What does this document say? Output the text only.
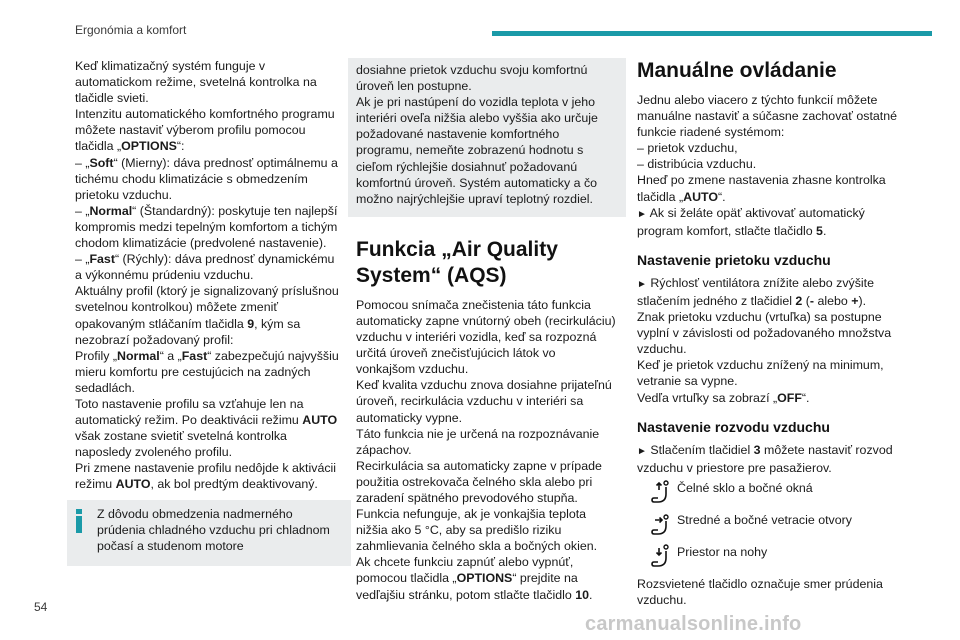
Ergonómia a komfort

Keď klimatizačný systém funguje v automatickom režime, svetelná kontrolka na tlačidle svieti.

Intenzitu automatického komfortného programu môžete nastaviť výberom profilu pomocou tlačidla „OPTIONS“:

– „Soft“ (Mierny): dáva prednosť optimálnemu a tichému chodu klimatizácie s obmedzením prietoku vzduchu.

– „Normal“ (Štandardný): poskytuje ten najlepší kompromis medzi tepelným komfortom a tichým chodom klimatizácie (predvolené nastavenie).

– „Fast“ (Rýchly): dáva prednosť dynamickému a výkonnému prúdeniu vzduchu.

Aktuálny profil (ktorý je signalizovaný príslušnou svetelnou kontrolkou) môžete zmeniť opakovaným stláčaním tlačidla 9, kým sa nezobrazí požadovaný profil:

Profily „Normal“ a „Fast“ zabezpečujú najvyššiu mieru komfortu pre cestujúcich na zadných sedadlách.

Toto nastavenie profilu sa vzťahuje len na automatický režim. Po deaktivácii režimu AUTO však zostane svietiť svetelná kontrolka naposledy zvoleného profilu.

Pri zmene nastavenie profilu nedôjde k aktivácii režimu AUTO, ak bol predtým deaktivovaný.

Z dôvodu obmedzenia nadmerného prúdenia chladného vzduchu pri chladnom počasí a studenom motore

dosiahne prietok vzduchu svoju komfortnú úroveň len postupne.
Ak je pri nastúpení do vozidla teplota v jeho interiéri oveľa nižšia alebo vyššia ako určuje požadované nastavenie komfortného programu, nemeňte zobrazenú hodnotu s cieľom rýchlejšie dosiahnuť požadovanú komfortnú úroveň. Systém automaticky a čo možno najrýchlejšie upraví teplotný rozdiel.

Funkcia „Air Quality System“ (AQS)

Pomocou snímača znečistenia táto funkcia automaticky zapne vnútorný obeh (recirkuláciu) vzduchu v interiéri vozidla, keď sa rozpozná určitá úroveň znečisťujúcich látok vo vonkajšom vzduchu.

Keď kvalita vzduchu znova dosiahne prijateľnú úroveň, recirkulácia vzduchu v interiéri sa automaticky vypne.

Táto funkcia nie je určená na rozpoznávanie zápachov.

Recirkulácia sa automaticky zapne v prípade použitia ostrekovača čelného skla alebo pri zaradení spätného prevodového stupňa.

Funkcia nefunguje, ak je vonkajšia teplota nižšia ako 5 °C, aby sa predišlo riziku zahmlievania čelného skla a bočných okien.

Ak chcete funkciu zapnúť alebo vypnúť, pomocou tlačidla „OPTIONS“ prejdite na vedľajšiu stránku, potom stlačte tlačidlo 10.

Manuálne ovládanie

Jednu alebo viacero z týchto funkcií môžete manuálne nastaviť a súčasne zachovať ostatné funkcie riadené systémom:

– prietok vzduchu,

– distribúcia vzduchu.

Hneď po zmene nastavenia zhasne kontrolka tlačidla „AUTO“.

► Ak si želáte opäť aktivovať automatický program komfort, stlačte tlačidlo 5.

Nastavenie prietoku vzduchu

► Rýchlosť ventilátora znížite alebo zvýšite stlačením jedného z tlačidiel 2 (- alebo +).

Znak prietoku vzduchu (vrtuľka) sa postupne vyplní v závislosti od požadovaného množstva vzduchu.

Keď je prietok vzduchu znížený na minimum, vetranie sa vypne.

Vedľa vrtuľky sa zobrazí „OFF“.

Nastavenie rozvodu vzduchu

► Stlačením tlačidiel 3 môžete nastaviť rozvod vzduchu v priestore pre pasažierov.

Čelné sklo a bočné okná
Stredné a bočné vetracie otvory
Priestor na nohy

Rozsvietené tlačidlo označuje smer prúdenia vzduchu.

54
carmanualsonline.info
